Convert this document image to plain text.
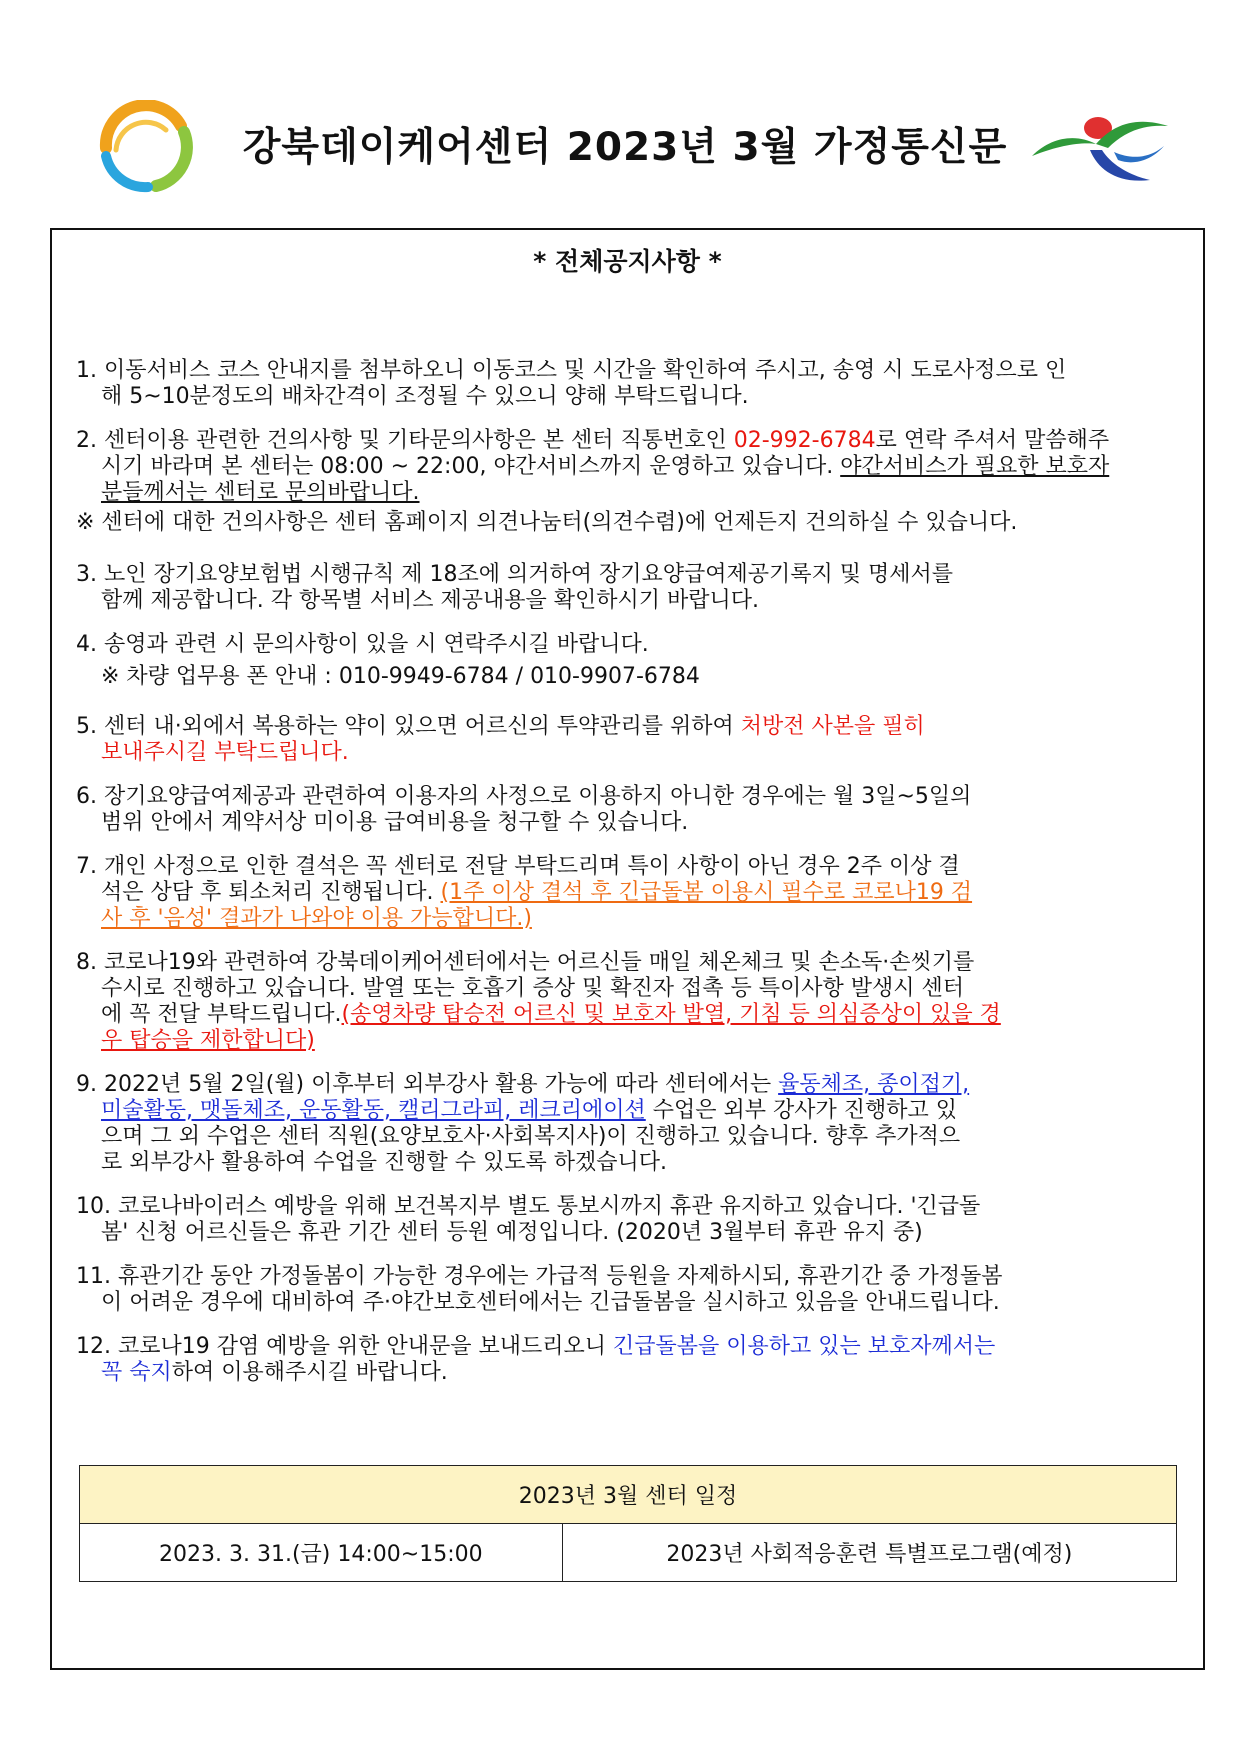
강북데이케어센터 2023년 3월 가정통신문
* 전체공지사항 *
1. 이동서비스 코스 안내지를 첨부하오니 이동코스 및 시간을 확인하여 주시고, 송영 시 도로사정으로 인
해 5~10분정도의 배차간격이 조정될 수 있으니 양해 부탁드립니다.
2. 센터이용 관련한 건의사항 및 기타문의사항은 본 센터 직통번호인 02-992-6784로 연락 주셔서 말씀해주
시기 바라며 본 센터는 08:00 ~ 22:00, 야간서비스까지 운영하고 있습니다. 야간서비스가 필요한 보호자
분들께서는 센터로 문의바랍니다.
※ 센터에 대한 건의사항은 센터 홈페이지 의견나눔터(의견수렴)에 언제든지 건의하실 수 있습니다.
3. 노인 장기요양보험법 시행규칙 제 18조에 의거하여 장기요양급여제공기록지 및 명세서를
함께 제공합니다. 각 항목별 서비스 제공내용을 확인하시기 바랍니다.
4. 송영과 관련 시 문의사항이 있을 시 연락주시길 바랍니다.
※ 차량 업무용 폰 안내 : 010-9949-6784 / 010-9907-6784
5. 센터 내·외에서 복용하는 약이 있으면 어르신의 투약관리를 위하여 처방전 사본을 필히
보내주시길 부탁드립니다.
6. 장기요양급여제공과 관련하여 이용자의 사정으로 이용하지 아니한 경우에는 월 3일~5일의
범위 안에서 계약서상 미이용 급여비용을 청구할 수 있습니다.
7. 개인 사정으로 인한 결석은 꼭 센터로 전달 부탁드리며 특이 사항이 아닌 경우 2주 이상 결
석은 상담 후 퇴소처리 진행됩니다. (1주 이상 결석 후 긴급돌봄 이용시 필수로 코로나19 검
사 후 '음성' 결과가 나와야 이용 가능합니다.)
8. 코로나19와 관련하여 강북데이케어센터에서는 어르신들 매일 체온체크 및 손소독·손씻기를
수시로 진행하고 있습니다. 발열 또는 호흡기 증상 및 확진자 접촉 등 특이사항 발생시 센터
에 꼭 전달 부탁드립니다.(송영차량 탑승전 어르신 및 보호자 발열, 기침 등 의심증상이 있을 경
우 탑승을 제한합니다)
9. 2022년 5월 2일(월) 이후부터 외부강사 활용 가능에 따라 센터에서는 율동체조, 종이접기,
미술활동, 맷돌체조, 운동활동, 캘리그라피, 레크리에이션 수업은 외부 강사가 진행하고 있
으며 그 외 수업은 센터 직원(요양보호사·사회복지사)이 진행하고 있습니다. 향후 추가적으
로 외부강사 활용하여 수업을 진행할 수 있도록 하겠습니다.
10. 코로나바이러스 예방을 위해 보건복지부 별도 통보시까지 휴관 유지하고 있습니다. '긴급돌
봄' 신청 어르신들은 휴관 기간 센터 등원 예정입니다. (2020년 3월부터 휴관 유지 중)
11. 휴관기간 동안 가정돌봄이 가능한 경우에는 가급적 등원을 자제하시되, 휴관기간 중 가정돌봄
이 어려운 경우에 대비하여 주·야간보호센터에서는 긴급돌봄을 실시하고 있음을 안내드립니다.
12. 코로나19 감염 예방을 위한 안내문을 보내드리오니 긴급돌봄을 이용하고 있는 보호자께서는
꼭 숙지하여 이용해주시길 바랍니다.
2023년 3월 센터 일정
2023. 3. 31.(금) 14:00~15:00	2023년 사회적응훈련 특별프로그램(예정)
